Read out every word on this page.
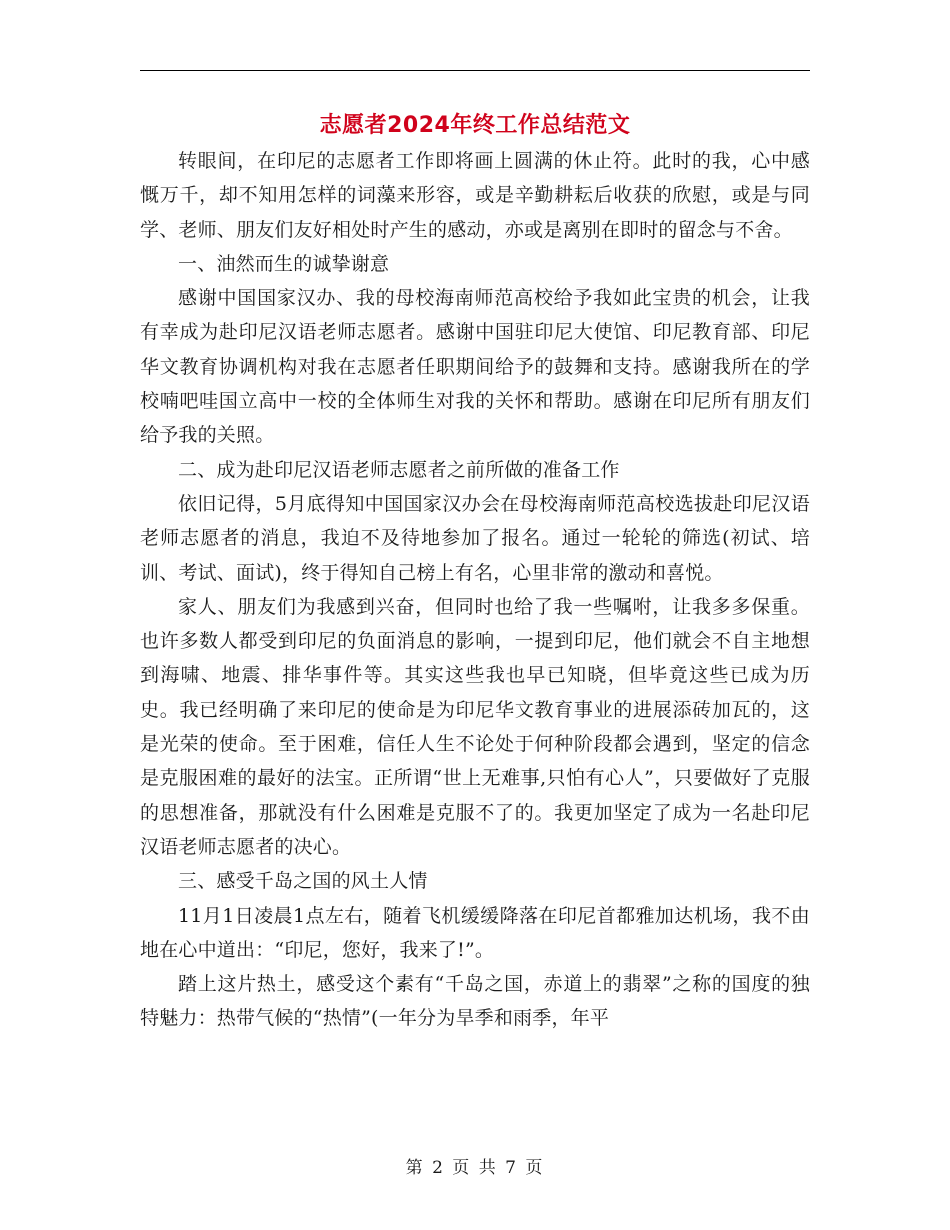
志愿者2024年终工作总结范文

转眼间，在印尼的志愿者工作即将画上圆满的休止符。此时的我，心中感慨万千，却不知用怎样的词藻来形容，或是辛勤耕耘后收获的欣慰，或是与同学、老师、朋友们友好相处时产生的感动，亦或是离别在即时的留念与不舍。

一、油然而生的诚挚谢意

感谢中国国家汉办、我的母校海南师范高校给予我如此宝贵的机会，让我有幸成为赴印尼汉语老师志愿者。感谢中国驻印尼大使馆、印尼教育部、印尼华文教育协调机构对我在志愿者任职期间给予的鼓舞和支持。感谢我所在的学校喃吧哇国立高中一校的全体师生对我的关怀和帮助。感谢在印尼所有朋友们给予我的关照。

二、成为赴印尼汉语老师志愿者之前所做的准备工作

依旧记得，5月底得知中国国家汉办会在母校海南师范高校选拔赴印尼汉语老师志愿者的消息，我迫不及待地参加了报名。通过一轮轮的筛选(初试、培训、考试、面试)，终于得知自己榜上有名，心里非常的激动和喜悦。

家人、朋友们为我感到兴奋，但同时也给了我一些嘱咐，让我多多保重。也许多数人都受到印尼的负面消息的影响，一提到印尼，他们就会不自主地想到海啸、地震、排华事件等。其实这些我也早已知晓，但毕竟这些已成为历史。我已经明确了来印尼的使命是为印尼华文教育事业的进展添砖加瓦的，这是光荣的使命。至于困难，信任人生不论处于何种阶段都会遇到，坚定的信念是克服困难的最好的法宝。正所谓“世上无难事,只怕有心人”，只要做好了克服的思想准备，那就没有什么困难是克服不了的。我更加坚定了成为一名赴印尼汉语老师志愿者的决心。

三、感受千岛之国的风土人情

11月1日凌晨1点左右，随着飞机缓缓降落在印尼首都雅加达机场，我不由地在心中道出：“印尼，您好，我来了!”。

踏上这片热土，感受这个素有“千岛之国，赤道上的翡翠”之称的国度的独特魅力：热带气候的“热情”(一年分为旱季和雨季，年平

第 2 页 共 7 页
